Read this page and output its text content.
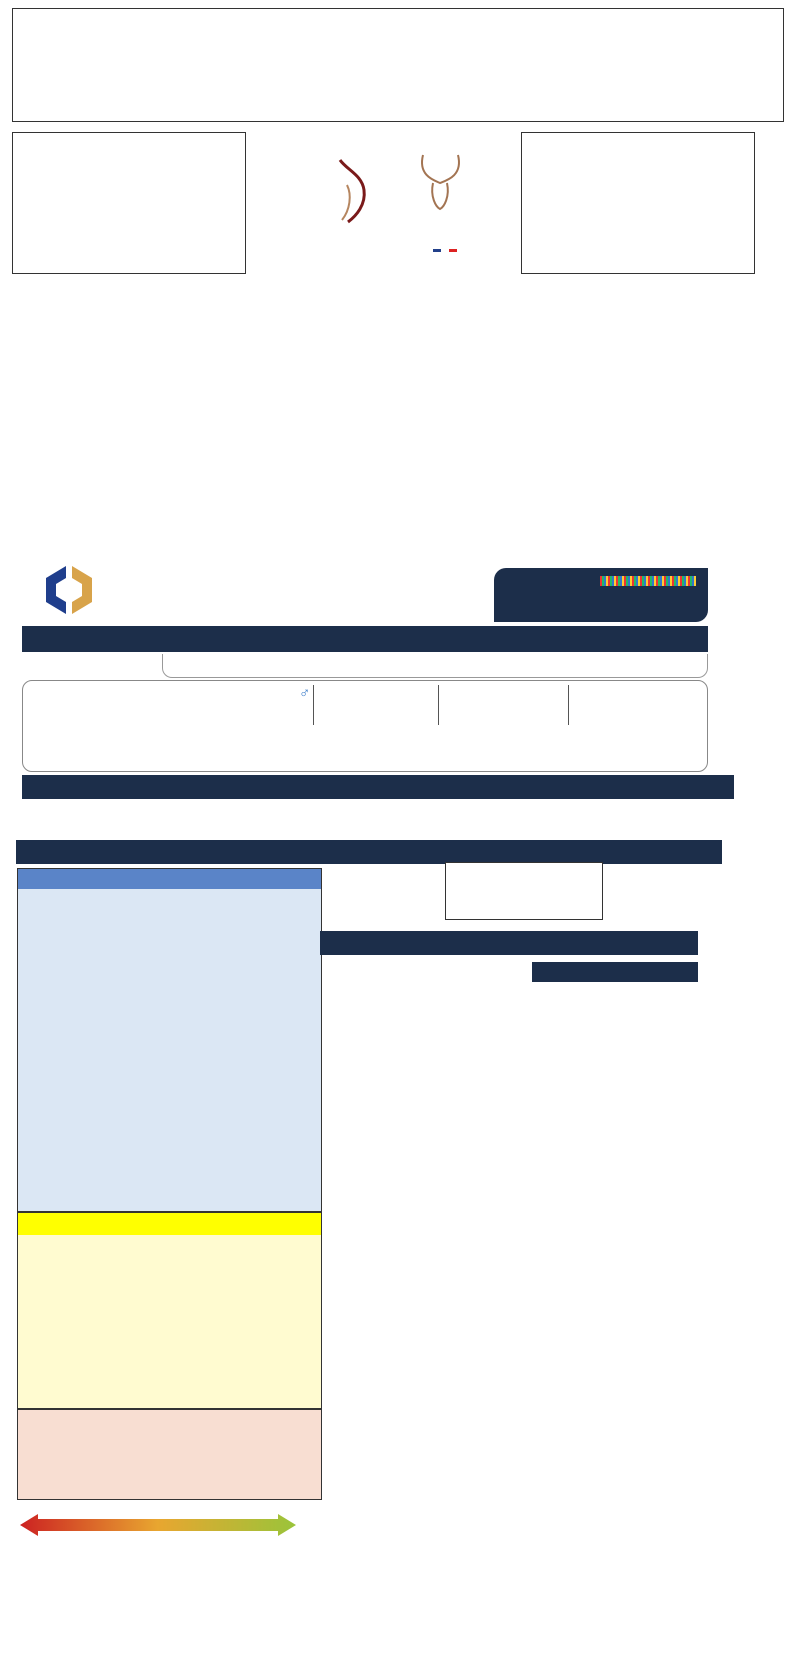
♂
